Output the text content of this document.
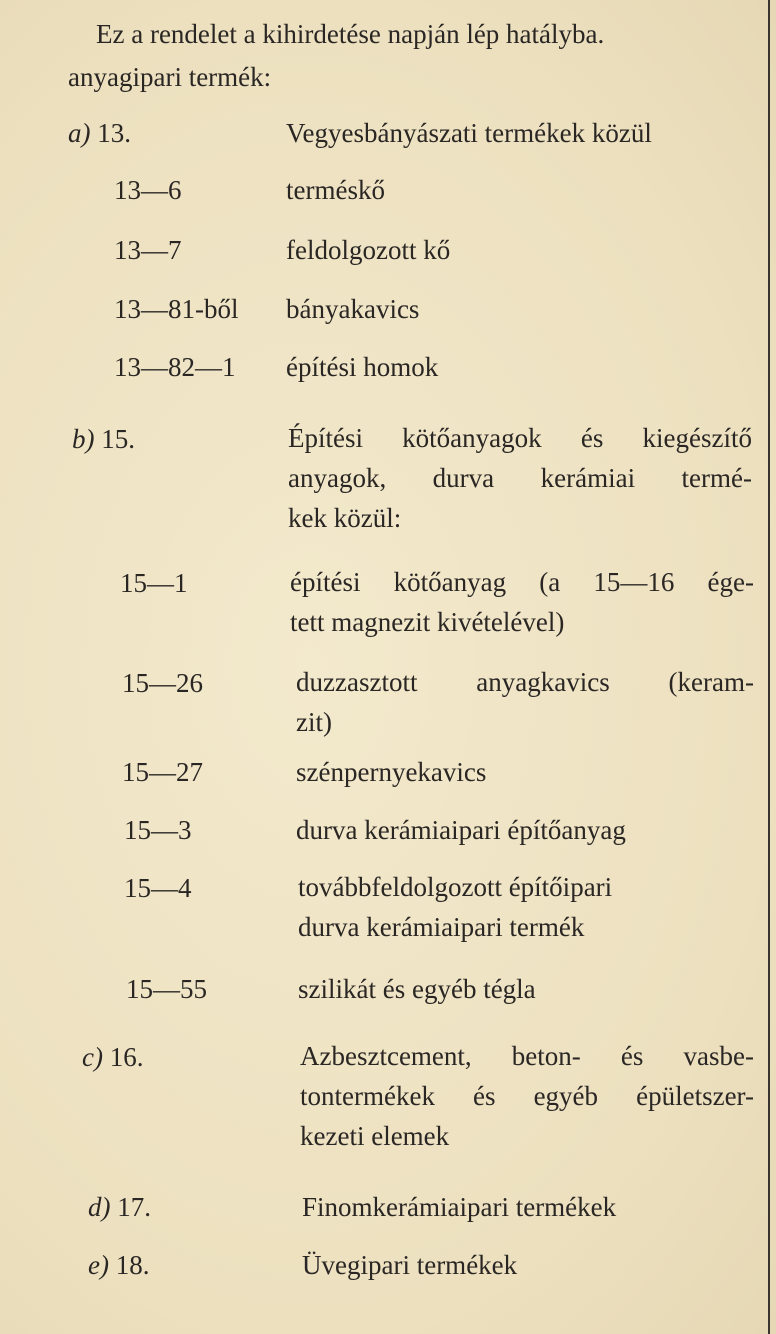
Ez a rendelet a kihirdetése napján lép hatályba.
anyagipari termék:
a) 13.	Vegyesbányászati termékek közül
13—6	terméskő
13—7	feldolgozott kő
13—81-ből bányakavics
13—82—1 építési homok
b) 15.	Építési kötőanyagok és kiegészítő
anyagok, durva kerámiai termé-
kek közül:
15—1	építési kötőanyag (a 15—16 ége-
tett magnezit kivételével)
15—26	duzzasztott anyagkavics (keram-
zit)
15—27	szénpernyekavics
15—3	durva kerámiaipari építőanyag
15—4	továbbfeldolgozott építőipari
durva kerámiaipari termék
15—55	szilikát és egyéb tégla
c) 16.	Azbesztcement, beton- és vasbe-
tontermékek és egyéb épületszer-
kezeti elemek
d) 17.	Finomkerámiaipari termékek
e) 18.	Üvegipari termékek
